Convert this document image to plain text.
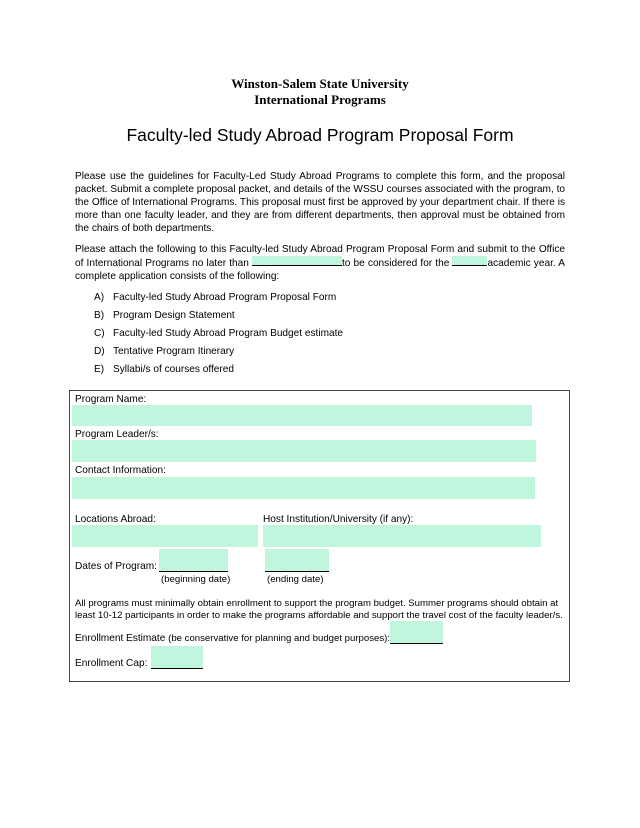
Winston-Salem State University
International Programs
Faculty-led Study Abroad Program Proposal Form

Please use the guidelines for Faculty-Led Study Abroad Programs to complete this form, and the proposal packet. Submit a complete proposal packet, and details of the WSSU courses associated with the program, to the Office of International Programs. This proposal must first be approved by your department chair. If there is more than one faculty leader, and they are from different departments, then approval must be obtained from the chairs of both departments.

Please attach the following to this Faculty-led Study Abroad Program Proposal Form and submit to the Office of International Programs no later than	to be considered for the	academic year. A complete application consists of the following:

A) Faculty-led Study Abroad Program Proposal Form
B) Program Design Statement
C) Faculty-led Study Abroad Program Budget estimate
D) Tentative Program Itinerary
E) Syllabi/s of courses offered
Program Name:
Program Leader/s:
Contact Information:
Locations Abroad:	Host Institution/University (if any):
Dates of Program:
(beginning date)	(ending date)
All programs must minimally obtain enrollment to support the program budget. Summer programs should obtain at least 10-12 participants in order to make the programs affordable and support the travel cost of the faculty leader/s.
Enrollment Estimate (be conservative for planning and budget purposes):
Enrollment Cap:
